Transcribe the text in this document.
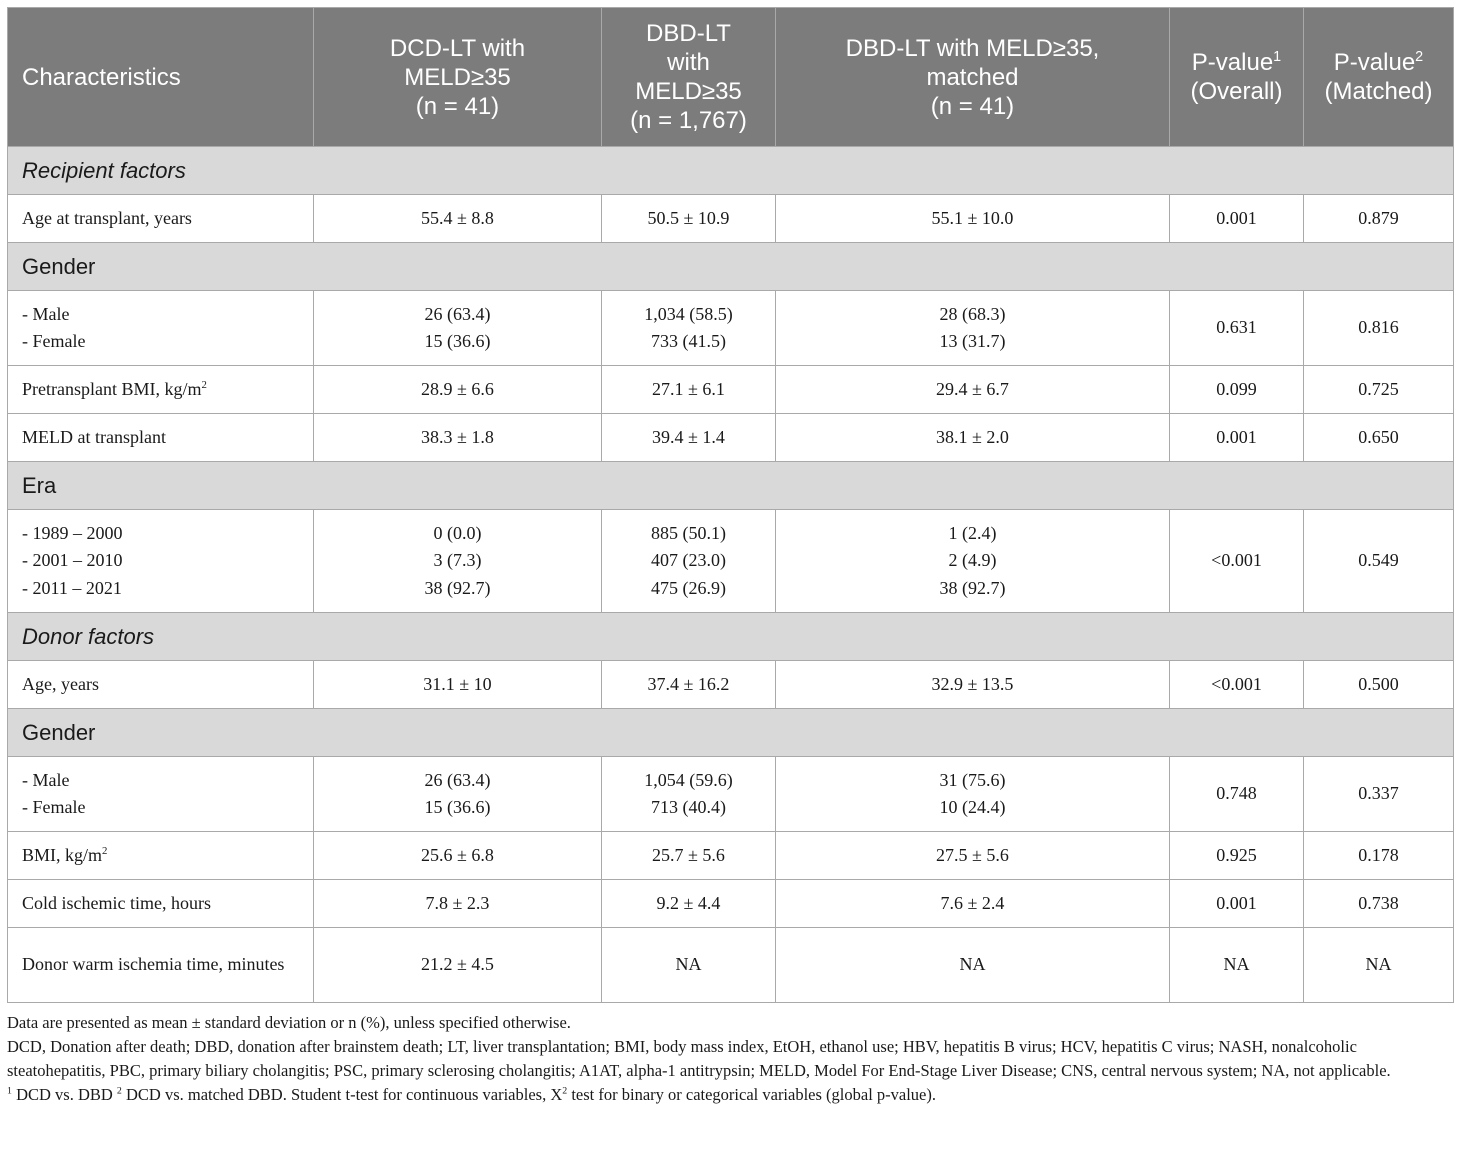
Characteristics	DCD-LT with
MELD≥35
(n = 41)	DBD-LT
with
MELD≥35
(n = 1,767)	DBD-LT with MELD≥35,
matched
(n = 41)	P-value$^1$
(Overall)	P-value$^2$
(Matched)

Recipient factors					
Age at transplant, years	55.4 ± 8.8	50.5 ± 10.9	55.1 ± 10.0	0.001	0.879

Gender					

- Male
- Female	26 (63.4)
15 (36.6)	1,034 (58.5)
733 (41.5)	28 (68.3)
13 (31.7)	0.631	0.816

Pretransplant BMI, $kg/m^2$	28.9 ± 6.6	27.1 ± 6.1	29.4 ± 6.7	0.099	0.725

MELD at transplant	38.3 ± 1.8	39.4 ± 1.4	38.1 ± 2.0	0.001	0.650

Era					

- 1989 – 2000
- 2001 – 2010
- 2011 – 2021	0 (0.0)
3 (7.3)
38 (92.7)	885 (50.1)
407 (23.0)
475 (26.9)	1 (2.4)
2 (4.9)
38 (92.7)	<0.001	0.549

Donor factors					
Age, years	31.1 ± 10	37.4 ± 16.2	32.9 ± 13.5	<0.001	0.500

Gender					

- Male
- Female	26 (63.4)
15 (36.6)	1,054 (59.6)
713 (40.4)	31 (75.6)
10 (24.4)	0.748	0.337

BMI, $kg/m^2$	25.6 ± 6.8	25.7 ± 5.6	27.5 ± 5.6	0.925	0.178

Cold ischemic time, hours	7.8 ± 2.3	9.2 ± 4.4	7.6 ± 2.4	0.001	0.738

Donor warm ischemia time, minutes	21.2 ± 4.5	NA	NA	NA	NA

Data are presented as mean ± standard deviation or n (%), unless specified otherwise.

DCD, Donation after death; DBD, donation after brainstem death; LT, liver transplantation; BMI, body mass index, EtOH, ethanol use; HBV, hepatitis B virus; HCV, hepatitis C virus; NASH, nonalcoholic steatohepatitis, PBC, primary biliary cholangitis; PSC, primary sclerosing cholangitis; A1AT, alpha-1 antitrypsin; MELD, Model For End-Stage Liver Disease; CNS, central nervous system; NA, not applicable.

$^1$ DCD vs. DBD $^2$ DCD vs. matched DBD. Student t-test for continuous variables, $X^2$ test for binary or categorical variables (global p-value).
